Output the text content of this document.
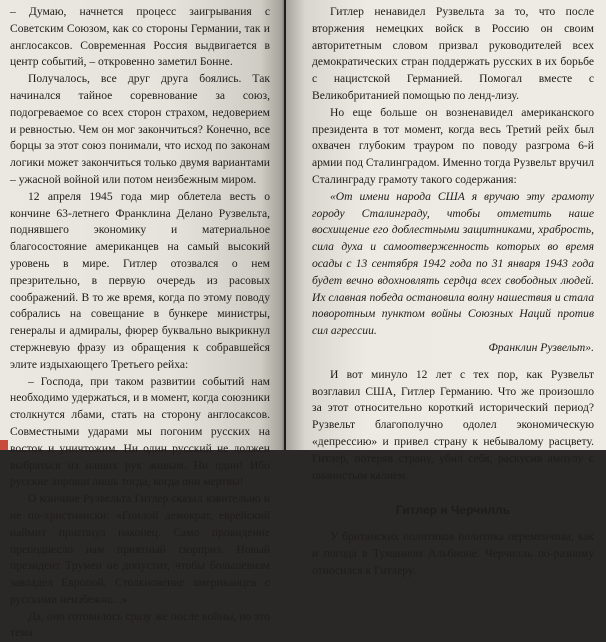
– Думаю, начнется процесс заигрывания с Советским Союзом, как со стороны Германии, так и англосаксов. Современная Россия выдвигается в центр событий, – откровенно заметил Бонне.

Получалось, все друг друга боялись. Так начинался тайное соревнование за союз, подогреваемое со всех сторон страхом, недоверием и ревностью. Чем он мог закончиться? Конечно, все борцы за этот союз понимали, что исход по законам логики может закончиться только двумя вариантами – ужасной войной или потом неизбежным миром.

12 апреля 1945 года мир облетела весть о кончине 63-летнего Франклина Делано Рузвельта, поднявшего экономику и материальное благосостояние американцев на самый высокий уровень в мире. Гитлер отозвался о нем презрительно, в первую очередь из расовых соображений. В то же время, когда по этому поводу собрались на совещание в бункере министры, генералы и адмиралы, фюрер буквально выкрикнул стержневую фразу из обращения к собравшейся элите издыхающего Третьего рейха:

– Господа, при таком развитии событий нам необходимо удержаться, и в момент, когда союзники столкнутся лбами, стать на сторону англосаксов. Совместными ударами мы погоним русских на восток и уничтожим. Ни один русский не должен выбраться из наших рук живым. Ни один! Ибо русские хороши лишь тогда, когда они мертвы!

О кончине Рузвельта Гитлер сказал язвительно и не по-христиански: «Гнилой демократ, еврейский наймит приспнул наконец. Само провидение преподнесло нам приятный сюрприз. Новый президент Трумен не допустит, чтобы большевизм завладел Европой. Столкновение американцев с русскими неизбежно...»

Да, оно готовилось сразу же после войны, но это тема

Гитлер ненавидел Рузвельта за то, что после вторжения немецких войск в Россию он своим авторитетным словом призвал руководителей всех демократических стран поддержать русских в их борьбе с нацистской Германией. Помогал вместе с Великобританией помощью по ленд-лизу.

Но еще больше он возненавидел американского президента в тот момент, когда весь Третий рейх был охвачен глубоким трауром по поводу разгрома 6-й армии под Сталинградом. Именно тогда Рузвельт вручил Сталинграду грамоту такого содержания:

«От имени народа США я вручаю эту грамоту городу Сталинграду, чтобы отметить наше восхищение его доблестными защитниками, храбрость, сила духа и самоотверженность которых во время осады с 13 сентября 1942 года по 31 января 1943 года будет вечно вдохновлять сердца всех свободных людей. Их славная победа остановила волну нашествия и стала поворотным пунктом войны Союзных Наций против сил агрессии.

Франклин Рузвельт».

И вот минуло 12 лет с тех пор, как Рузвельт возглавил США, Гитлер Германию. Что же произошло за этот относительно короткий исторический период? Рузвельт благополучно одолел экономическую «депрессию» и привел страну к небывалому расцвету. Гитлер, потеряв страну, убил себя, раскусив ампулу с цианистым калием.

Гитлер и Черчилль

У британских политиков политика переменчива, как и погода в Туманном Альбионе. Черчилль по-разному относился к Гитлеру.
